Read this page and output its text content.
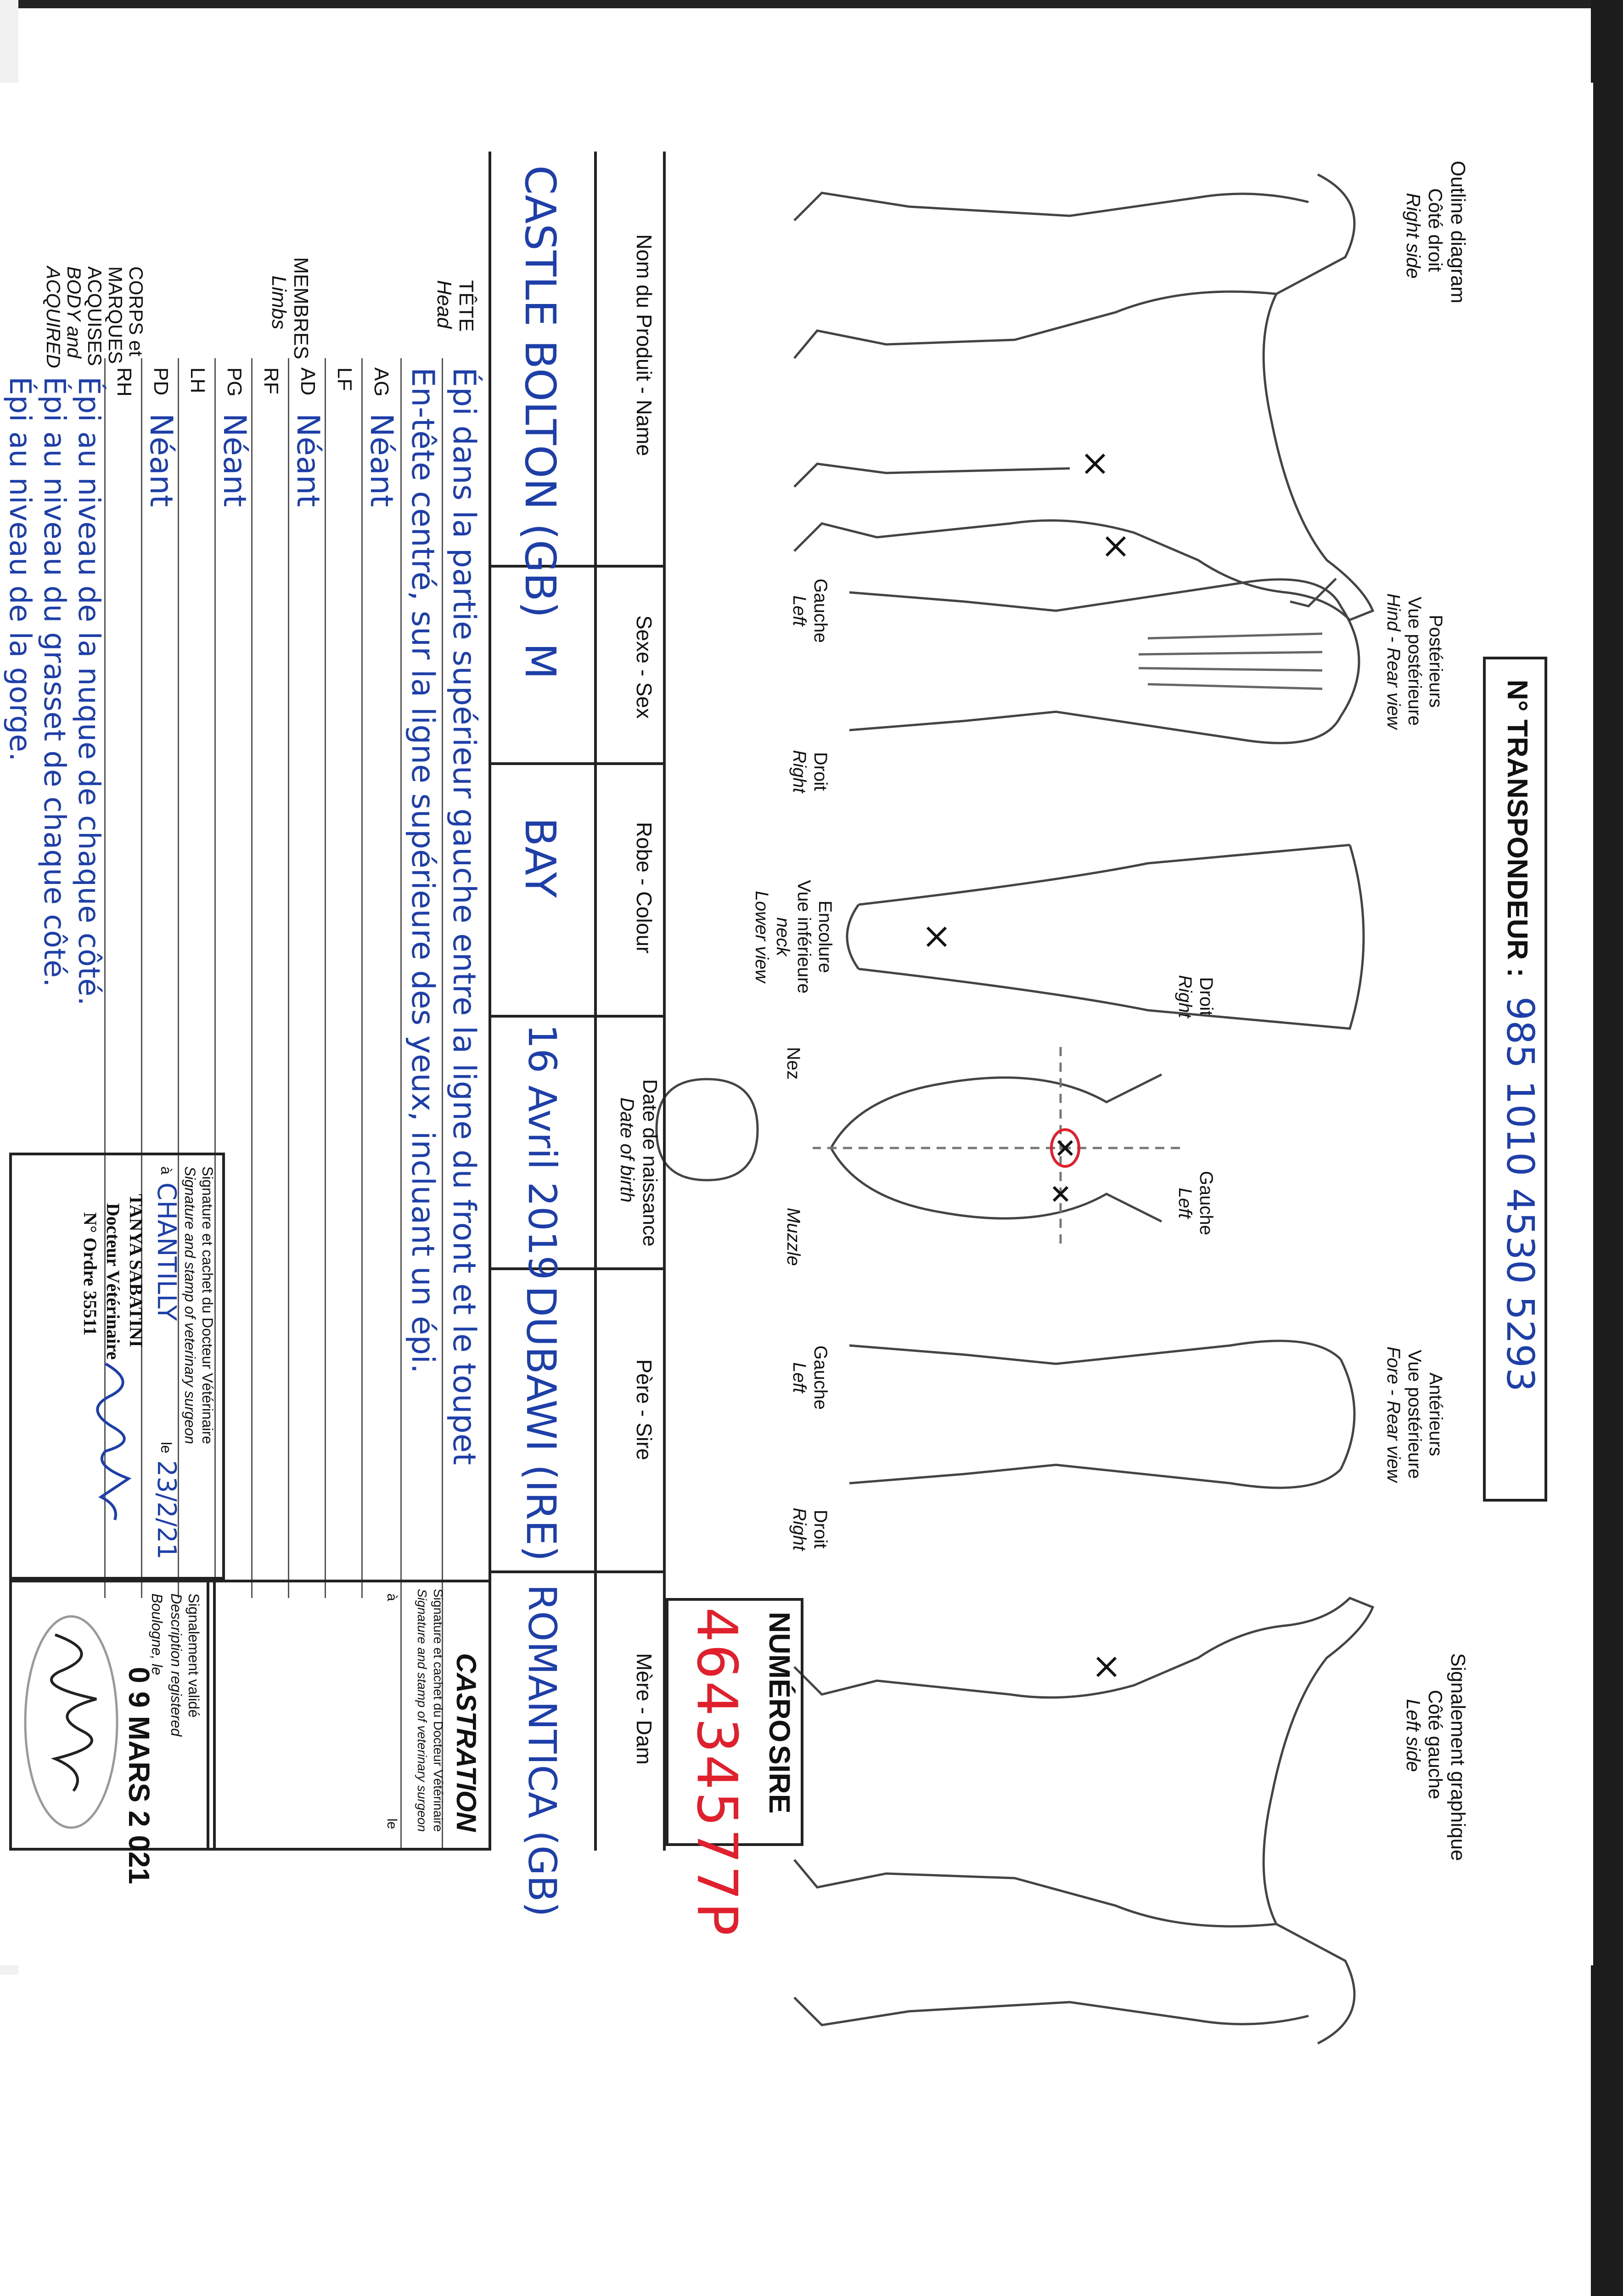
N° TRANSPONDEUR :
985 1010 4530 5293
Outline diagram
Côté droit
Right side
Signalement graphique
Côté gauche
Left side
Postérieurs
Vue postérieure
Hind - Rear view
Encolure
Vue inférieure
neck
Lower view
Antérieurs
Vue postérieure
Fore - Rear view
Droit
Right
Gauche
Left
Nez
Muzzle
Gauche
Left
Droit
Right
Gauche
Left
Droit
Right
NUMÉRO
SIRE
46434577P
Nom du Produit - Name
CASTLE BOLTON (GB)
Sexe - Sex
M
Robe - Colour
BAY
Date de naissance
Date of birth
16 Avril 2019
Père - Sire
DUBAWI (IRE)
Mère - Dam
ROMANTICA (GB)
TÊTE
Head
Épi dans la partie supérieur gauche entre la ligne du front et le toupet
En-tête centré, sur la ligne supérieure des yeux, incluant un épi.
MEMBRES
Limbs
AG
Néant
LF
AD
Néant
RF
PG
Néant
LH
PD
Néant
RH
CORPS et
MARQUES
ACQUISES
BODY and
ACQUIRED
Épi au niveau de la nuque de chaque côté.
Épi au niveau du grasset de chaque côté.
Épi au niveau de la gorge.
Signature et cachet du Docteur Vétérinaire
Signature and stamp of veterinary surgeon
à
CHANTILLY
le
23/2/21
TANYA SABATINI
Docteur Vétérinaire
N° Ordre 35511
CASTRATION
Signature et cachet du Docteur Vétérinaire
Signature and stamp of veterinary surgeon
à
le
Signalement validé
Description registered
Boulogne, le
0 9 MARS 2 021
